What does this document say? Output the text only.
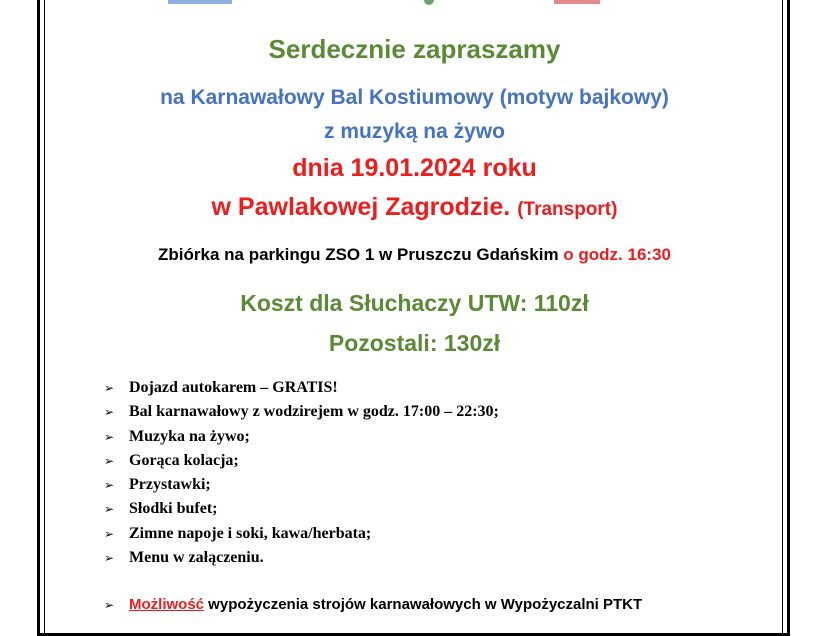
Serdecznie zapraszamy
na Karnawałowy Bal Kostiumowy (motyw bajkowy)
z muzyką na żywo
dnia 19.01.2024 roku
w Pawlakowej Zagrodzie. (Transport)
Zbiórka na parkingu ZSO 1 w Pruszczu Gdańskim o godz. 16:30
Koszt dla Słuchaczy UTW: 110zł
Pozostali: 130zł
➢ Dojazd autokarem – GRATIS!
➢ Bal karnawałowy z wodzirejem w godz. 17:00 – 22:30;
➢ Muzyka na żywo;
➢ Gorąca kolacja;
➢ Przystawki;
➢ Słodki bufet;
➢ Zimne napoje i soki, kawa/herbata;
➢ Menu w załączeniu.
➢ Możliwość wypożyczenia strojów karnawałowych w Wypożyczalni PTKT
